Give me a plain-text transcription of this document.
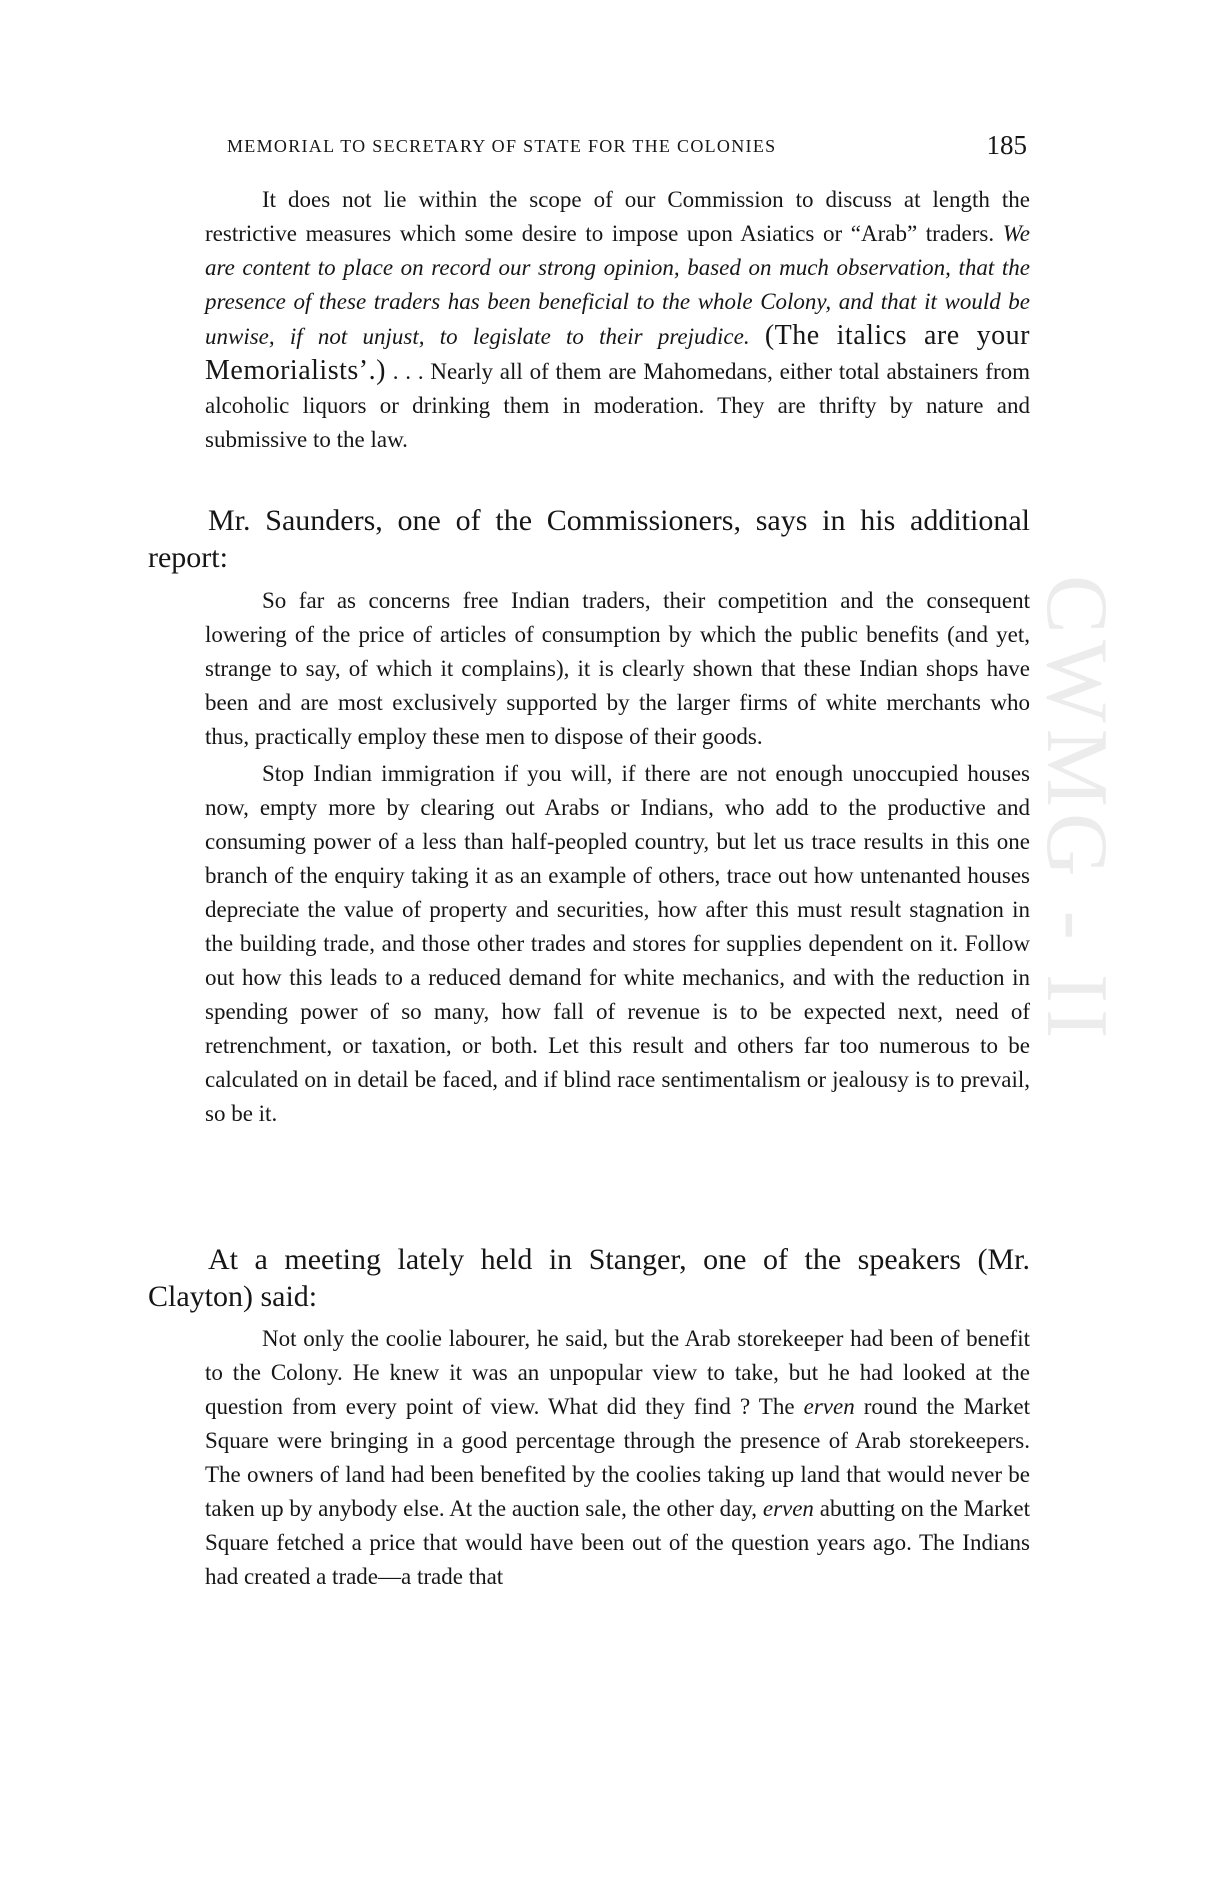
CWMG - II
MEMORIAL TO SECRETARY OF STATE FOR THE COLONIES	185

It does not lie within the scope of our Commission to discuss at length the restrictive measures which some desire to impose upon Asiatics or “Arab” traders. We are content to place on record our strong opinion, based on much observation, that the presence of these traders has been beneficial to the whole Colony, and that it would be unwise, if not unjust, to legislate to their prejudice. (The italics are your Memorialists’.) . . . Nearly all of them are Mahomedans, either total abstainers from alcoholic liquors or drinking them in moderation. They are thrifty by nature and submissive to the law.

Mr. Saunders, one of the Commissioners, says in his additional report:

So far as concerns free Indian traders, their competition and the consequent lowering of the price of articles of consumption by which the public benefits (and yet, strange to say, of which it complains), it is clearly shown that these Indian shops have been and are most exclusively supported by the larger firms of white merchants who thus, practically employ these men to dispose of their goods.

Stop Indian immigration if you will, if there are not enough unoccupied houses now, empty more by clearing out Arabs or Indians, who add to the productive and consuming power of a less than half-peopled country, but let us trace results in this one branch of the enquiry taking it as an example of others, trace out how untenanted houses depreciate the value of property and securities, how after this must result stagnation in the building trade, and those other trades and stores for supplies dependent on it. Follow out how this leads to a reduced demand for white mechanics, and with the reduction in spending power of so many, how fall of revenue is to be expected next, need of retrenchment, or taxation, or both. Let this result and others far too numerous to be calculated on in detail be faced, and if blind race sentimentalism or jealousy is to prevail, so be it.

At a meeting lately held in Stanger, one of the speakers (Mr. Clayton) said:

Not only the coolie labourer, he said, but the Arab storekeeper had been of benefit to the Colony. He knew it was an unpopular view to take, but he had looked at the question from every point of view. What did they find ? The erven round the Market Square were bringing in a good percentage through the presence of Arab storekeepers. The owners of land had been benefited by the coolies taking up land that would never be taken up by anybody else. At the auction sale, the other day, erven abutting on the Market Square fetched a price that would have been out of the question years ago. The Indians had created a trade—a trade that
